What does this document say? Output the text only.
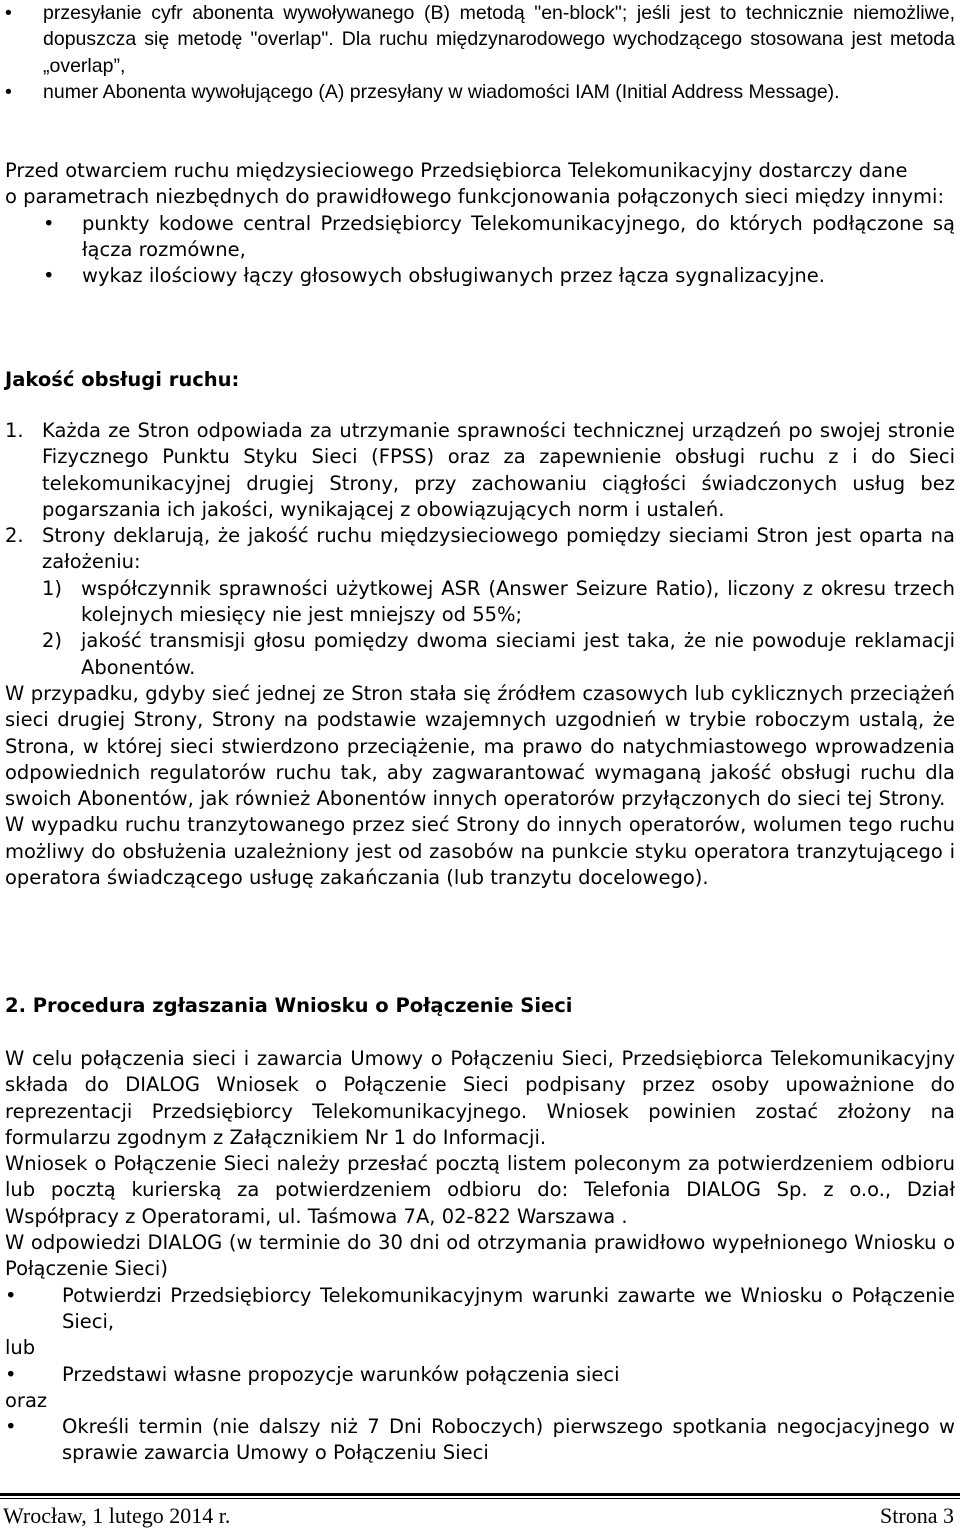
• przesyłanie cyfr abonenta wywoływanego (B) metodą "en-block"; jeśli jest to technicznie niemożliwe, dopuszcza się metodę "overlap". Dla ruchu międzynarodowego wychodzącego stosowana jest metoda „overlap”,
• numer Abonenta wywołującego (A) przesyłany w wiadomości IAM (Initial Address Message).

Przed otwarciem ruchu międzysieciowego Przedsiębiorca Telekomunikacyjny dostarczy dane

o parametrach niezbędnych do prawidłowego funkcjonowania połączonych sieci między innymi:

• punkty kodowe central Przedsiębiorcy Telekomunikacyjnego, do których podłączone są łącza rozmówne,
• wykaz ilościowy łączy głosowych obsługiwanych przez łącza sygnalizacyjne.

Jakość obsługi ruchu:

1. Każda ze Stron odpowiada za utrzymanie sprawności technicznej urządzeń po swojej stronie Fizycznego Punktu Styku Sieci (FPSS) oraz za zapewnienie obsługi ruchu z i do Sieci telekomunikacyjnej drugiej Strony, przy zachowaniu ciągłości świadczonych usług bez pogarszania ich jakości, wynikającej z obowiązujących norm i ustaleń.
2. Strony deklarują, że jakość ruchu międzysieciowego pomiędzy sieciami Stron jest oparta na założeniu:
1) współczynnik sprawności użytkowej ASR (Answer Seizure Ratio), liczony z okresu trzech kolejnych miesięcy nie jest mniejszy od 55%;
2) jakość transmisji głosu pomiędzy dwoma sieciami jest taka, że nie powoduje reklamacji Abonentów.

W przypadku, gdyby sieć jednej ze Stron stała się źródłem czasowych lub cyklicznych przeciążeń sieci drugiej Strony, Strony na podstawie wzajemnych uzgodnień w trybie roboczym ustalą, że Strona, w której sieci stwierdzono przeciążenie, ma prawo do natychmiastowego wprowadzenia odpowiednich regulatorów ruchu tak, aby zagwarantować wymaganą jakość obsługi ruchu dla swoich Abonentów, jak również Abonentów innych operatorów przyłączonych do sieci tej Strony.

W wypadku ruchu tranzytowanego przez sieć Strony do innych operatorów, wolumen tego ruchu możliwy do obsłużenia uzależniony jest od zasobów na punkcie styku operatora tranzytującego i operatora świadczącego usługę zakańczania (lub tranzytu docelowego).

2. Procedura zgłaszania Wniosku o Połączenie Sieci

W celu połączenia sieci i zawarcia Umowy o Połączeniu Sieci, Przedsiębiorca Telekomunikacyjny składa do DIALOG Wniosek o Połączenie Sieci podpisany przez osoby upoważnione do reprezentacji Przedsiębiorcy Telekomunikacyjnego. Wniosek powinien zostać złożony na formularzu zgodnym z Załącznikiem Nr 1 do Informacji.

Wniosek o Połączenie Sieci należy przesłać pocztą listem poleconym za potwierdzeniem odbioru lub pocztą kurierską za potwierdzeniem odbioru do: Telefonia DIALOG Sp. z o.o., Dział Współpracy z Operatorami, ul. Taśmowa 7A, 02-822 Warszawa .

W odpowiedzi DIALOG (w terminie do 30 dni od otrzymania prawidłowo wypełnionego Wniosku o Połączenie Sieci)

• Potwierdzi Przedsiębiorcy Telekomunikacyjnym warunki zawarte we Wniosku o Połączenie Sieci,

lub

• Przedstawi własne propozycje warunków połączenia sieci

oraz

• Określi termin (nie dalszy niż 7 Dni Roboczych) pierwszego spotkania negocjacyjnego w sprawie zawarcia Umowy o Połączeniu Sieci
Wrocław, 1 lutego 2014 r.	Strona 3
